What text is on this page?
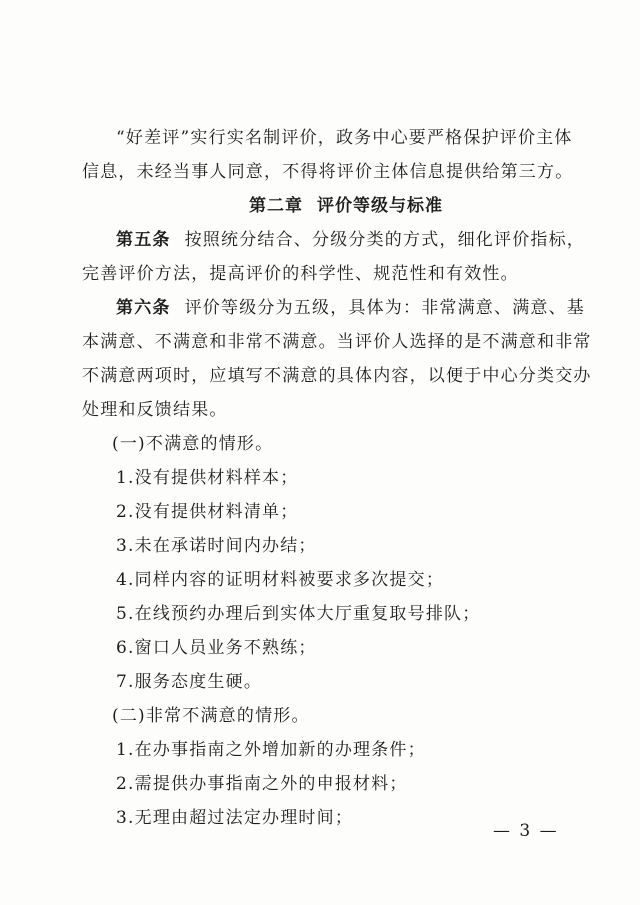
“好差评”实行实名制评价，政务中心要严格保护评价主体
信息，未经当事人同意，不得将评价主体信息提供给第三方。
第二章 评价等级与标准
第五条 按照统分结合、分级分类的方式，细化评价指标，
完善评价方法，提高评价的科学性、规范性和有效性。
第六条 评价等级分为五级，具体为：非常满意、满意、基
本满意、不满意和非常不满意。当评价人选择的是不满意和非常
不满意两项时，应填写不满意的具体内容，以便于中心分类交办
处理和反馈结果。
(一)不满意的情形。
1.没有提供材料样本；
2.没有提供材料清单；
3.未在承诺时间内办结；
4.同样内容的证明材料被要求多次提交；
5.在线预约办理后到实体大厅重复取号排队；
6.窗口人员业务不熟练；
7.服务态度生硬。
(二)非常不满意的情形。
1.在办事指南之外增加新的办理条件；
2.需提供办事指南之外的申报材料；
3.无理由超过法定办理时间；
— 3 —
